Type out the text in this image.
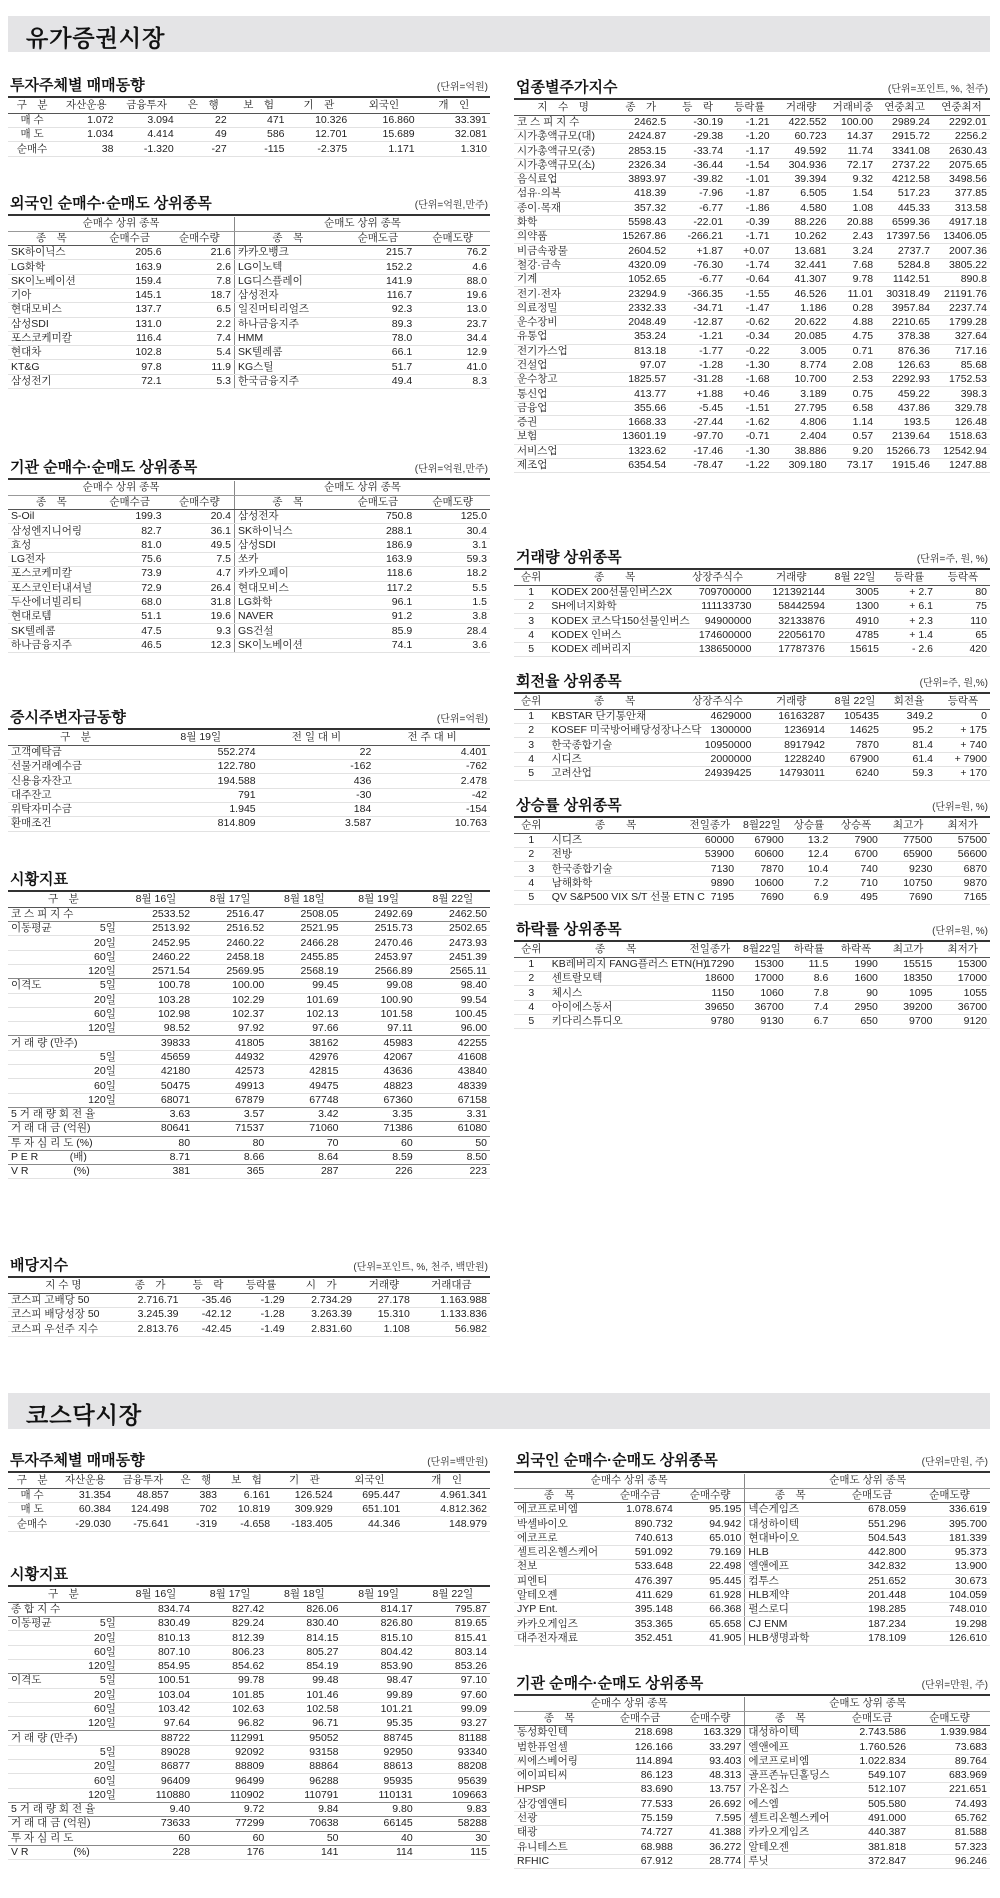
유가증권시장
코스닥시장
투자주체별 매매동향	(단위=억원)
구　분	자산운용	금융투자	은　행	보　험	기　관	외국인	개　인
매 수	1.072	3.094	22	471	10.326	16.860	33.391
매 도	1.034	4.414	49	586	12.701	15.689	32.081
순매수	38	-1.320	-27	-115	-2.375	1.171	1.310
외국인 순매수·순매도 상위종목	(단위=억원,만주)
순매수 상위 종목			순매도 상위 종목		
종　목	순매수금	순매수량	종　목	순매도금	순매도량
SK하이닉스	205.6	21.6	카카오뱅크	215.7	76.2
LG화학	163.9	2.6	LG이노텍	152.2	4.6
SK이노베이션	159.4	7.8	LG디스플레이	141.9	88.0
기아	145.1	18.7	삼성전자	116.7	19.6
현대모비스	137.7	6.5	일진머티리얼즈	92.3	13.0
삼성SDI	131.0	2.2	하나금융지주	89.3	23.7
포스코케미칼	116.4	7.4	HMM	78.0	34.4
현대차	102.8	5.4	SK텔레콤	66.1	12.9
KT&G	97.8	11.9	KG스틸	51.7	41.0
삼성전기	72.1	5.3	한국금융지주	49.4	8.3
기관 순매수·순매도 상위종목	(단위=억원,만주)
순매수 상위 종목			순매도 상위 종목		
종　목	순매수금	순매수량	종　목	순매도금	순매도량
S-Oil	199.3	20.4	삼성전자	750.8	125.0
삼성엔지니어링	82.7	36.1	SK하이닉스	288.1	30.4
효성	81.0	49.5	삼성SDI	186.9	3.1
LG전자	75.6	7.5	쏘카	163.9	59.3
포스코케미칼	73.9	4.7	카카오페이	118.6	18.2
포스코인터내셔널	72.9	26.4	현대모비스	117.2	5.5
두산에너빌리티	68.0	31.8	LG화학	96.1	1.5
현대로템	51.1	19.6	NAVER	91.2	3.8
SK텔레콤	47.5	9.3	GS건설	85.9	28.4
하나금융지주	46.5	12.3	SK이노베이션	74.1	3.6
증시주변자금동향	(단위=억원)
구　분	8월 19일	전 일 대 비	전 주 대 비
고객예탁금	552.274	22	4.401
선물거래예수금	122.780	-162	-762
신용융자잔고	194.588	436	2.478
대주잔고	791	-30	-42
위탁자미수금	1.945	184	-154
환매조건	814.809	3.587	10.763
시황지표
구　분		8월 16일	8월 17일	8월 18일	8월 19일	8월 22일
코 스 피 지 수		2533.52	2516.47	2508.05	2492.69	2462.50
이동평균	5일	2513.92	2516.52	2521.95	2515.73	2502.65
	20일	2452.95	2460.22	2466.28	2470.46	2473.93
	60일	2460.22	2458.18	2455.85	2453.97	2451.39
	120일	2571.54	2569.95	2568.19	2566.89	2565.11
이격도	5일	100.78	100.00	99.45	99.08	98.40
	20일	103.28	102.29	101.69	100.90	99.54
	60일	102.98	102.37	102.13	101.58	100.45
	120일	98.52	97.92	97.66	97.11	96.00
거 래 량 (만주)		39833	41805	38162	45983	42255
	5일	45659	44932	42976	42067	41608
	20일	42180	42573	42815	43636	43840
	60일	50475	49913	49475	48823	48339
	120일	68071	67879	67748	67360	67158
5 거 래 량 회 전 율		3.63	3.57	3.42	3.35	3.31
거 래 대 금 (억원)		80641	71537	71060	71386	61080
투 자 심 리 도 (%)		80	80	70	60	50
P E R　　　(배)		8.71	8.66	8.64	8.59	8.50
V R　　　　 (%)		381	365	287	226	223
배당지수	(단위=포인트, %, 천주, 백만원)
지 수 명	종　가	등　락	등락률	시　가	거래량	거래대금
코스피 고배당 50	2.716.71	-35.46	-1.29	2.734.29	27.178	1.163.988
코스피 배당성장 50	3.245.39	-42.12	-1.28	3.263.39	15.310	1.133.836
코스피 우선주 지수	2.813.76	-42.45	-1.49	2.831.60	1.108	56.982
업종별주가지수	(단위=포인트, %, 천주)
지　수　명	종　가	등　락	등락률	거래량	거래비중	연중최고	연중최저
코 스 피 지 수	2462.5	-30.19	-1.21	422.552	100.00	2989.24	2292.01
시가총액규모(대)	2424.87	-29.38	-1.20	60.723	14.37	2915.72	2256.2
시가총액규모(중)	2853.15	-33.74	-1.17	49.592	11.74	3341.08	2630.43
시가총액규모(소)	2326.34	-36.44	-1.54	304.936	72.17	2737.22	2075.65
음식료업	3893.97	-39.82	-1.01	39.394	9.32	4212.58	3498.56
섬유·의복	418.39	-7.96	-1.87	6.505	1.54	517.23	377.85
종이·목재	357.32	-6.77	-1.86	4.580	1.08	445.33	313.58
화학	5598.43	-22.01	-0.39	88.226	20.88	6599.36	4917.18
의약품	15267.86	-266.21	-1.71	10.262	2.43	17397.56	13406.05
비금속광물	2604.52	+1.87	+0.07	13.681	3.24	2737.7	2007.36
철강·금속	4320.09	-76.30	-1.74	32.441	7.68	5284.8	3805.22
기계	1052.65	-6.77	-0.64	41.307	9.78	1142.51	890.8
전기·전자	23294.9	-366.35	-1.55	46.526	11.01	30318.49	21191.76
의료정밀	2332.33	-34.71	-1.47	1.186	0.28	3957.84	2237.74
운수장비	2048.49	-12.87	-0.62	20.622	4.88	2210.65	1799.28
유통업	353.24	-1.21	-0.34	20.085	4.75	378.38	327.64
전기가스업	813.18	-1.77	-0.22	3.005	0.71	876.36	717.16
건설업	97.07	-1.28	-1.30	8.774	2.08	126.63	85.68
운수창고	1825.57	-31.28	-1.68	10.700	2.53	2292.93	1752.53
통신업	413.77	+1.88	+0.46	3.189	0.75	459.22	398.3
금융업	355.66	-5.45	-1.51	27.795	6.58	437.86	329.78
증권	1668.33	-27.44	-1.62	4.806	1.14	193.5	126.48
보험	13601.19	-97.70	-0.71	2.404	0.57	2139.64	1518.63
서비스업	1323.62	-17.46	-1.30	38.886	9.20	15266.73	12542.94
제조업	6354.54	-78.47	-1.22	309.180	73.17	1915.46	1247.88
거래량 상위종목	(단위=주, 원, %)
순위	종　　목	상장주식수	거래량	8월 22일	등락률	등락폭
1	KODEX 200선물인버스2X	709700000	121392144	3005	+ 2.7	80
2	SH에너지화학	111133730	58442594	1300	+ 6.1	75
3	KODEX 코스닥150선물인버스	94900000	32133876	4910	+ 2.3	110
4	KODEX 인버스	174600000	22056170	4785	+ 1.4	65
5	KODEX 레버리지	138650000	17787376	15615	- 2.6	420
회전율 상위종목	(단위=주, 원,%)
순위	종　　목	상장주식수	거래량	8월 22일	회전율	등락폭
1	KBSTAR 단기통안채	4629000	16163287	105435	349.2	0
2	KOSEF 미국방어배당성장나스닥	1300000	1236914	14625	95.2	+ 175
3	한국종합기술	10950000	8917942	7870	81.4	+ 740
4	시디즈	2000000	1228240	67900	61.4	+ 7900
5	고려산업	24939425	14793011	6240	59.3	+ 170
상승률 상위종목	(단위=원, %)
순위	종　　목	전일종가	8월22일	상승률	상승폭	최고가	최저가
1	시디즈	60000	67900	13.2	7900	77500	57500
2	전방	53900	60600	12.4	6700	65900	56600
3	한국종합기술	7130	7870	10.4	740	9230	6870
4	남해화학	9890	10600	7.2	710	10750	9870
5	QV S&P500 VIX S/T 선물 ETN C	7195	7690	6.9	495	7690	7165
하락률 상위종목	(단위=원, %)
순위	종　　목	전일종가	8월22일	하락률	하락폭	최고가	최저가
1	KB레버리지 FANG플러스 ETN(H)	17290	15300	11.5	1990	15515	15300
2	센트랄모텍	18600	17000	8.6	1600	18350	17000
3	체시스	1150	1060	7.8	90	1095	1055
4	아이에스동서	39650	36700	7.4	2950	39200	36700
5	키다리스튜디오	9780	9130	6.7	650	9700	9120
투자주체별 매매동향	(단위=백만원)
구　분	자산운용	금융투자	은　행	보　험	기　관	외국인	개　인
매 수	31.354	48.857	383	6.161	126.524	695.447	4.961.341
매 도	60.384	124.498	702	10.819	309.929	651.101	4.812.362
순매수	-29.030	-75.641	-319	-4.658	-183.405	44.346	148.979
시황지표
구　분		8월 16일	8월 17일	8월 18일	8월 19일	8월 22일
종 합 지 수		834.74	827.42	826.06	814.17	795.87
이동평균	5일	830.49	829.24	830.40	826.80	819.65
	20일	810.13	812.39	814.15	815.10	815.41
	60일	807.10	806.23	805.27	804.42	803.14
	120일	854.95	854.62	854.19	853.90	853.26
이격도	5일	100.51	99.78	99.48	98.47	97.10
	20일	103.04	101.85	101.46	99.89	97.60
	60일	103.42	102.63	102.58	101.21	99.09
	120일	97.64	96.82	96.71	95.35	93.27
거 래 량 (만주)		88722	112991	95052	88745	81188
	5일	89028	92092	93158	92950	93340
	20일	86877	88809	88864	88613	88208
	60일	96409	96499	96288	95935	95639
	120일	110880	110902	110791	110131	109663
5 거 래 량 회 전 율		9.40	9.72	9.84	9.80	9.83
거 래 대 금 (억원)		73633	77299	70638	66145	58288
투 자 심 리 도		60	60	50	40	30
V R　　　　 (%)		228	176	141	114	115
외국인 순매수·순매도 상위종목	(단위=만원, 주)
순매수 상위 종목			순매도 상위 종목		
종　목	순매수금	순매수량	종　목	순매도금	순매도량
에코프로비엠	1.078.674	95.195	넥슨게임즈	678.059	336.619
박셀바이오	890.732	94.942	대성하이텍	551.296	395.700
에코프로	740.613	65.010	현대바이오	504.543	181.339
셀트리온헬스케어	591.092	79.169	HLB	442.800	95.373
천보	533.648	22.498	엘앤에프	342.832	13.900
피엔티	476.397	95.445	컴투스	251.652	30.673
알테오젠	411.629	61.928	HLB제약	201.448	104.059
JYP Ent.	395.148	66.368	펄스로디	198.285	748.010
카카오게임즈	353.365	65.658	CJ ENM	187.234	19.298
대주전자재료	352.451	41.905	HLB생명과학	178.109	126.610
기관 순매수·순매도 상위종목	(단위=만원, 주)
순매수 상위 종목			순매도 상위 종목		
종　목	순매수금	순매수량	종　목	순매도금	순매도량
동성화인텍	218.698	163.329	대성하이텍	2.743.586	1.939.984
범한퓨얼셀	126.166	33.297	엘앤에프	1.760.526	73.683
씨에스베어링	114.894	93.403	에코프로비엠	1.022.834	89.764
에이피티씨	86.123	48.313	골프존뉴딘홀딩스	549.107	683.969
HPSP	83.690	13.757	가온칩스	512.107	221.651
삼강엠앤티	77.533	26.692	에스엠	505.580	74.493
선광	75.159	7.595	셀트리온헬스케어	491.000	65.762
태광	74.727	41.388	카카오게임즈	440.387	81.588
유니테스트	68.988	36.272	알테오젠	381.818	57.323
RFHIC	67.912	28.774	루닛	372.847	96.246
